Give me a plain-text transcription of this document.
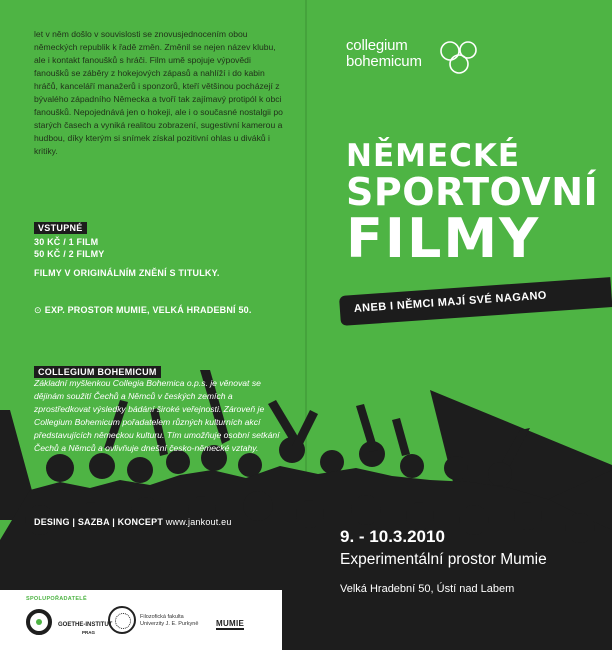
let v něm došlo v souvislosti se znovusjednocením obou německých republik k řadě změn. Změnil se nejen název klubu, ale i kontakt fanoušků s hráči. Film umě spojuje výpovědi fanoušků se záběry z hokejových zápasů a nahlíží i do kabin hráčů, kanceláří manažerů i sponzorů, kteří většinou pocházejí z bývalého západního Německa a tvoří tak zajímavý protipól k obci fanoušků. Nepojednává jen o hokeji, ale i o současné nostalgii po starých časech a vyniká realitou zobrazení, sugestivní kamerou a hudbou, díky kterým si snímek získal pozitivní ohlas u diváků i kritiky.

VSTUPNÉ
30 KČ / 1 FILM
50 KČ / 2 FILMY
FILMY V ORIGINÁLNÍM ZNĚNÍ S TITULKY.
⊙ EXP. PROSTOR MUMIE, VELKÁ HRADEBNÍ 50.
COLLEGIUM BOHEMICUM

Základní myšlenkou Collegia Bohemica o.p.s. je věnovat se dějinám soužití Čechů a Němců v českých zemích a zprostředkovat výsledky bádání široké veřejnosti. Zároveň je Collegium Bohemicum pořadatelem různých kulturních akcí představujících německou kulturu. Tím umožňuje osobní setkání Čechů a Němců a ovlivňuje dnešní česko-německé vztahy.

DESING | SAZBA | KONCEPT www.jankout.eu
SPOLUPOŘADATELÉ
GOETHE-INSTITUT
PRAG
Filozofická fakulta
Univerzity J. E. Purkyně	MUMIE
collegium
bohemicum
NĚMECKÉ
SPORTOVNÍ
FILMY
ANEB I NĚMCI MAJÍ SVÉ NAGANO
9. - 10.3.2010
Experimentální prostor Mumie
Velká Hradební 50, Ústí nad Labem
